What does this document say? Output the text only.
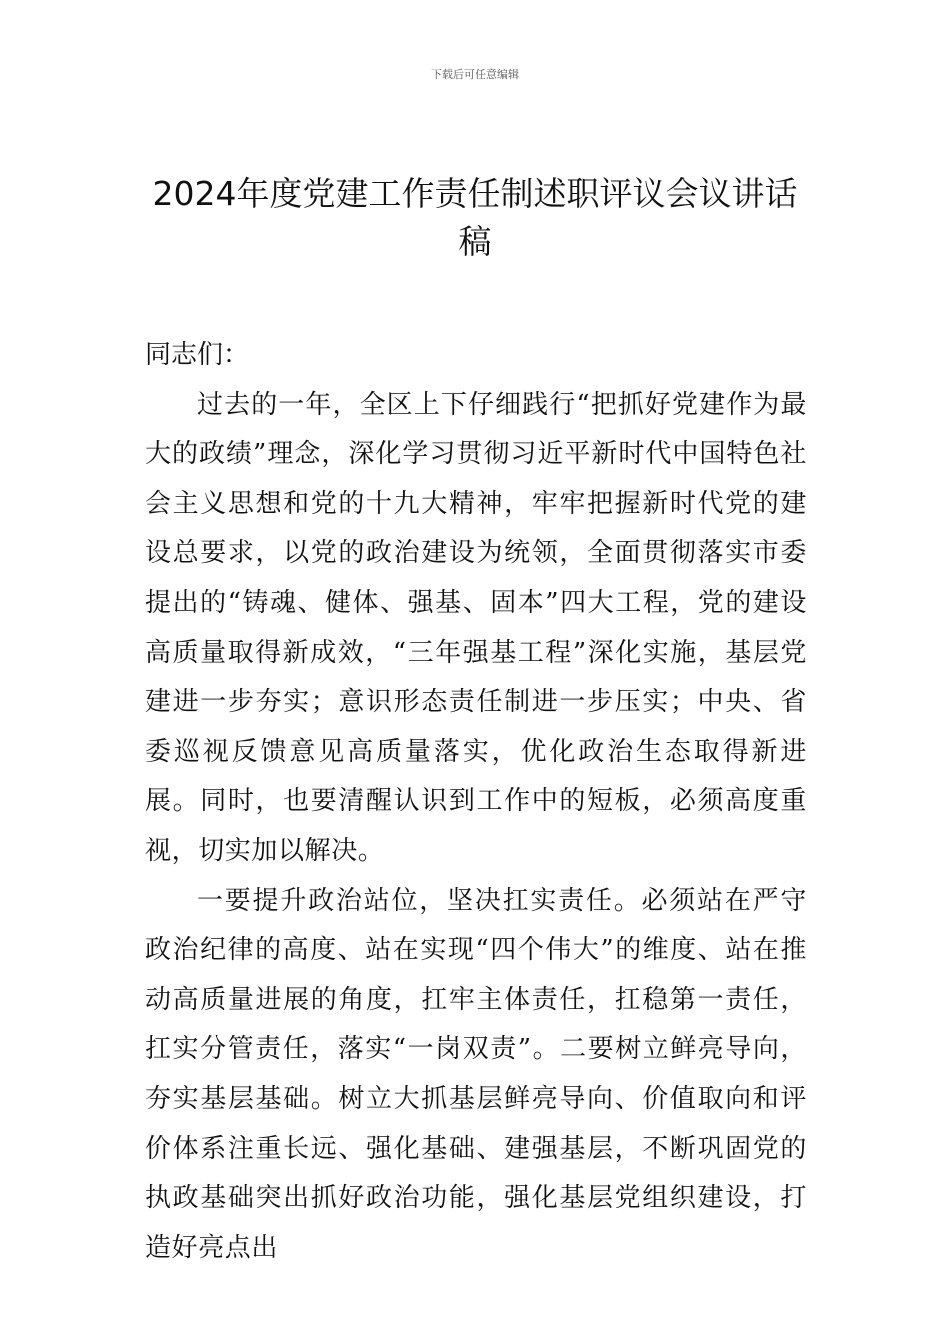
下载后可任意编辑
2024年度党建工作责任制述职评议会议讲话稿

同志们：

过去的一年，全区上下仔细践行“把抓好党建作为最大的政绩”理念，深化学习贯彻习近平新时代中国特色社会主义思想和党的十九大精神，牢牢把握新时代党的建设总要求，以党的政治建设为统领，全面贯彻落实市委提出的“铸魂、健体、强基、固本”四大工程，党的建设高质量取得新成效，“三年强基工程”深化实施，基层党建进一步夯实；意识形态责任制进一步压实；中央、省委巡视反馈意见高质量落实，优化政治生态取得新进展。同时，也要清醒认识到工作中的短板，必须高度重视，切实加以解决。

一要提升政治站位，坚决扛实责任。必须站在严守政治纪律的高度、站在实现“四个伟大”的维度、站在推动高质量进展的角度，扛牢主体责任，扛稳第一责任，扛实分管责任，落实“一岗双责”。二要树立鲜亮导向，夯实基层基础。树立大抓基层鲜亮导向、价值取向和评价体系注重长远、强化基础、建强基层，不断巩固党的执政基础突出抓好政治功能，强化基层党组织建设，打造好亮点出
